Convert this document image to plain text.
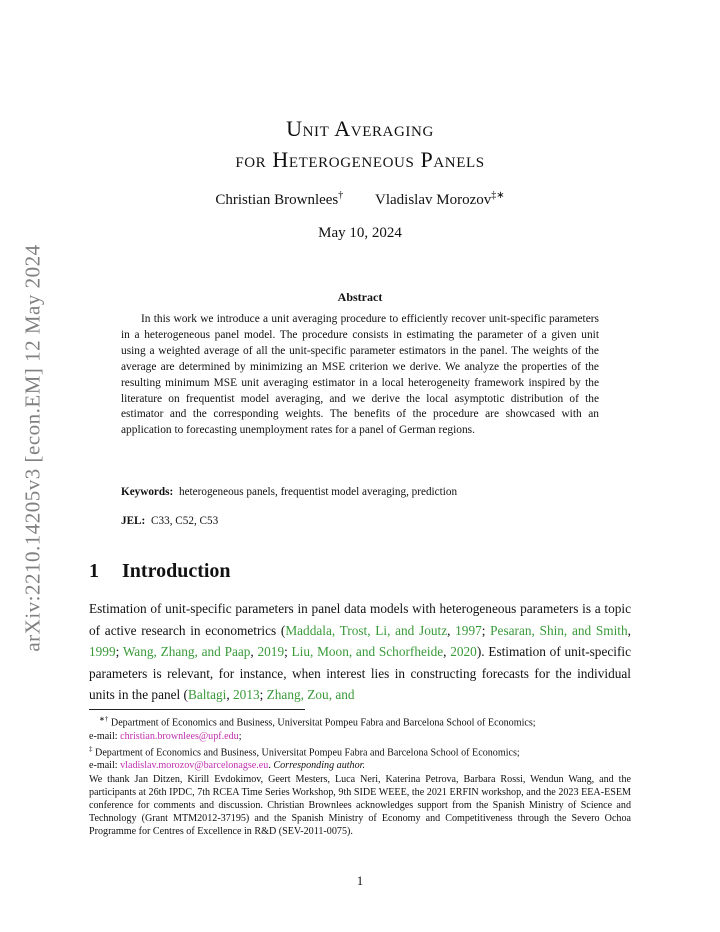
arXiv:2210.14205v3 [econ.EM] 12 May 2024
Unit Averaging
for Heterogeneous Panels
Christian Brownlees† Vladislav Morozov‡∗
May 10, 2024
Abstract

In this work we introduce a unit averaging procedure to efficiently recover unit-specific parameters in a heterogeneous panel model. The procedure consists in estimating the parameter of a given unit using a weighted average of all the unit-specific parameter estimators in the panel. The weights of the average are determined by minimizing an MSE criterion we derive. We analyze the properties of the resulting minimum MSE unit averaging estimator in a local heterogeneity framework inspired by the literature on frequentist model averaging, and we derive the local asymptotic distribution of the estimator and the corresponding weights. The benefits of the procedure are showcased with an application to forecasting unemployment rates for a panel of German regions.

Keywords: heterogeneous panels, frequentist model averaging, prediction
JEL: C33, C52, C53
1 Introduction

Estimation of unit-specific parameters in panel data models with heterogeneous parameters is a topic of active research in econometrics (Maddala, Trost, Li, and Joutz, 1997; Pesaran, Shin, and Smith, 1999; Wang, Zhang, and Paap, 2019; Liu, Moon, and Schorfheide, 2020). Estimation of unit-specific parameters is relevant, for instance, when interest lies in constructing forecasts for the individual units in the panel (Baltagi, 2013; Zhang, Zou, and

∗† Department of Economics and Business, Universitat Pompeu Fabra and Barcelona School of Economics;
e-mail: christian.brownlees@upf.edu;

‡ Department of Economics and Business, Universitat Pompeu Fabra and Barcelona School of Economics;
e-mail: vladislav.morozov@barcelonagse.eu. Corresponding author.

We thank Jan Ditzen, Kirill Evdokimov, Geert Mesters, Luca Neri, Katerina Petrova, Barbara Rossi, Wendun Wang, and the participants at 26th IPDC, 7th RCEA Time Series Workshop, 9th SIDE WEEE, the 2021 ERFIN workshop, and the 2023 EEA-ESEM conference for comments and discussion. Christian Brownlees acknowledges support from the Spanish Ministry of Science and Technology (Grant MTM2012-37195) and the Spanish Ministry of Economy and Competitiveness through the Severo Ochoa Programme for Centres of Excellence in R&D (SEV-2011-0075).

1
